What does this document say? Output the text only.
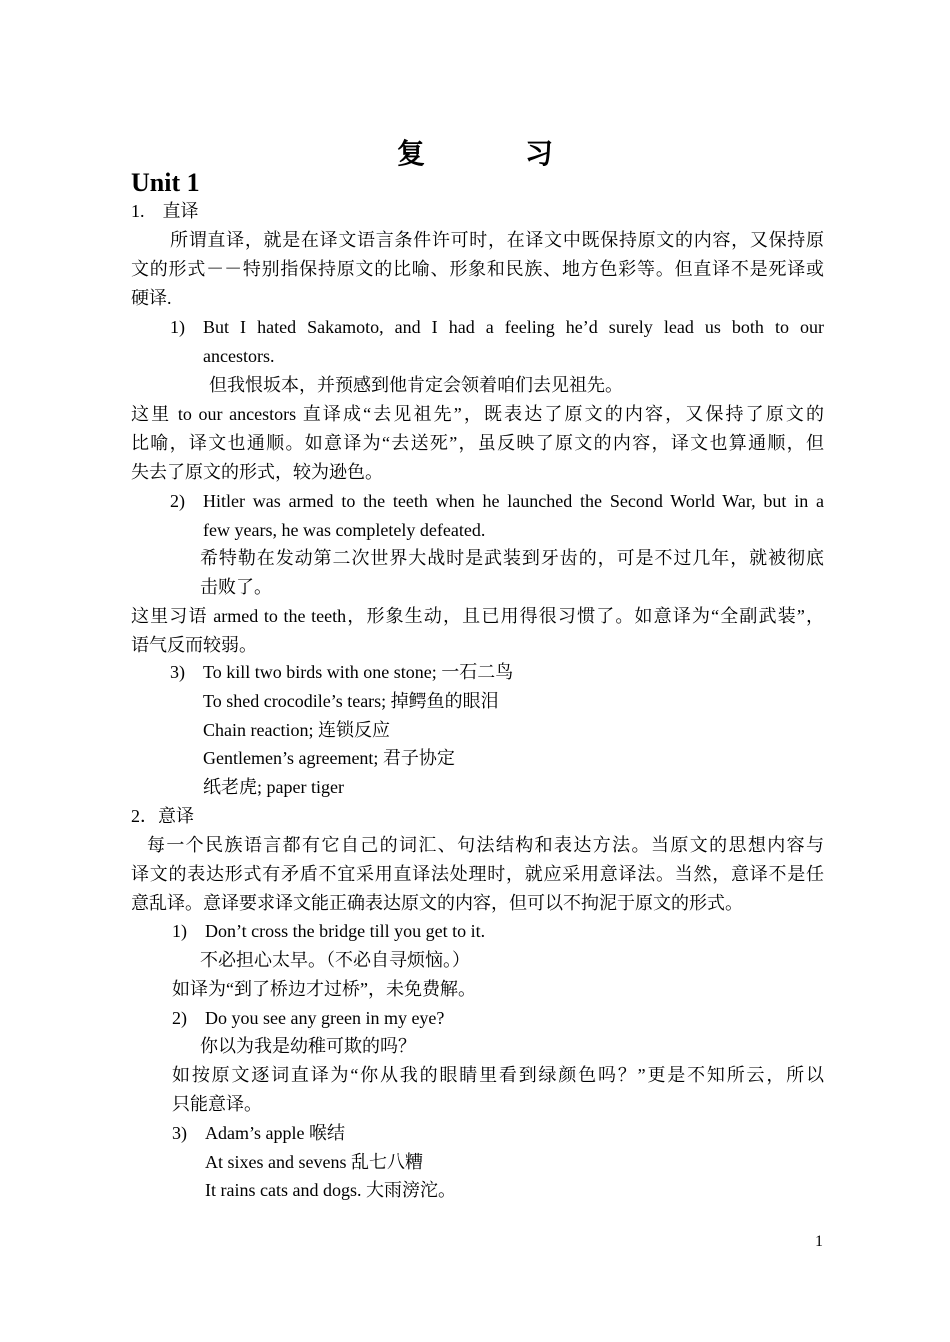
复　习
Unit 1
1.　直译
所谓直译，就是在译文语言条件许可时，在译文中既保持原文的内容，又保持原
文的形式－－特别指保持原文的比喻、形象和民族、地方色彩等。但直译不是死译或
硬译.
1) But I hated Sakamoto, and I had a feeling he’d surely lead us both to our
ancestors.
但我恨坂本，并预感到他肯定会领着咱们去见祖先。
这里 to our ancestors 直译成“去见祖先”，既表达了原文的内容，又保持了原文的
比喻，译文也通顺。如意译为“去送死”，虽反映了原文的内容，译文也算通顺，但
失去了原文的形式，较为逊色。
2) Hitler was armed to the teeth when he launched the Second World War, but in a
few years, he was completely defeated.
希特勒在发动第二次世界大战时是武装到牙齿的，可是不过几年，就被彻底
击败了。
这里习语 armed to the teeth，形象生动，且已用得很习惯了。如意译为“全副武装”，
语气反而较弱。
3) To kill two birds with one stone; 一石二鸟
To shed crocodile’s tears; 掉鳄鱼的眼泪
Chain reaction; 连锁反应
Gentlemen’s agreement; 君子协定
纸老虎; paper tiger
2．意译
每一个民族语言都有它自己的词汇、句法结构和表达方法。当原文的思想内容与
译文的表达形式有矛盾不宜采用直译法处理时，就应采用意译法。当然，意译不是任
意乱译。意译要求译文能正确表达原文的内容，但可以不拘泥于原文的形式。
1) Don’t cross the bridge till you get to it.
不必担心太早。（不必自寻烦恼。）
如译为“到了桥边才过桥”，未免费解。
2) Do you see any green in my eye?
你以为我是幼稚可欺的吗？
如按原文逐词直译为“你从我的眼睛里看到绿颜色吗？”更是不知所云，所以
只能意译。
3) Adam’s apple 喉结
At sixes and sevens 乱七八糟
It rains cats and dogs. 大雨滂沱。
1
